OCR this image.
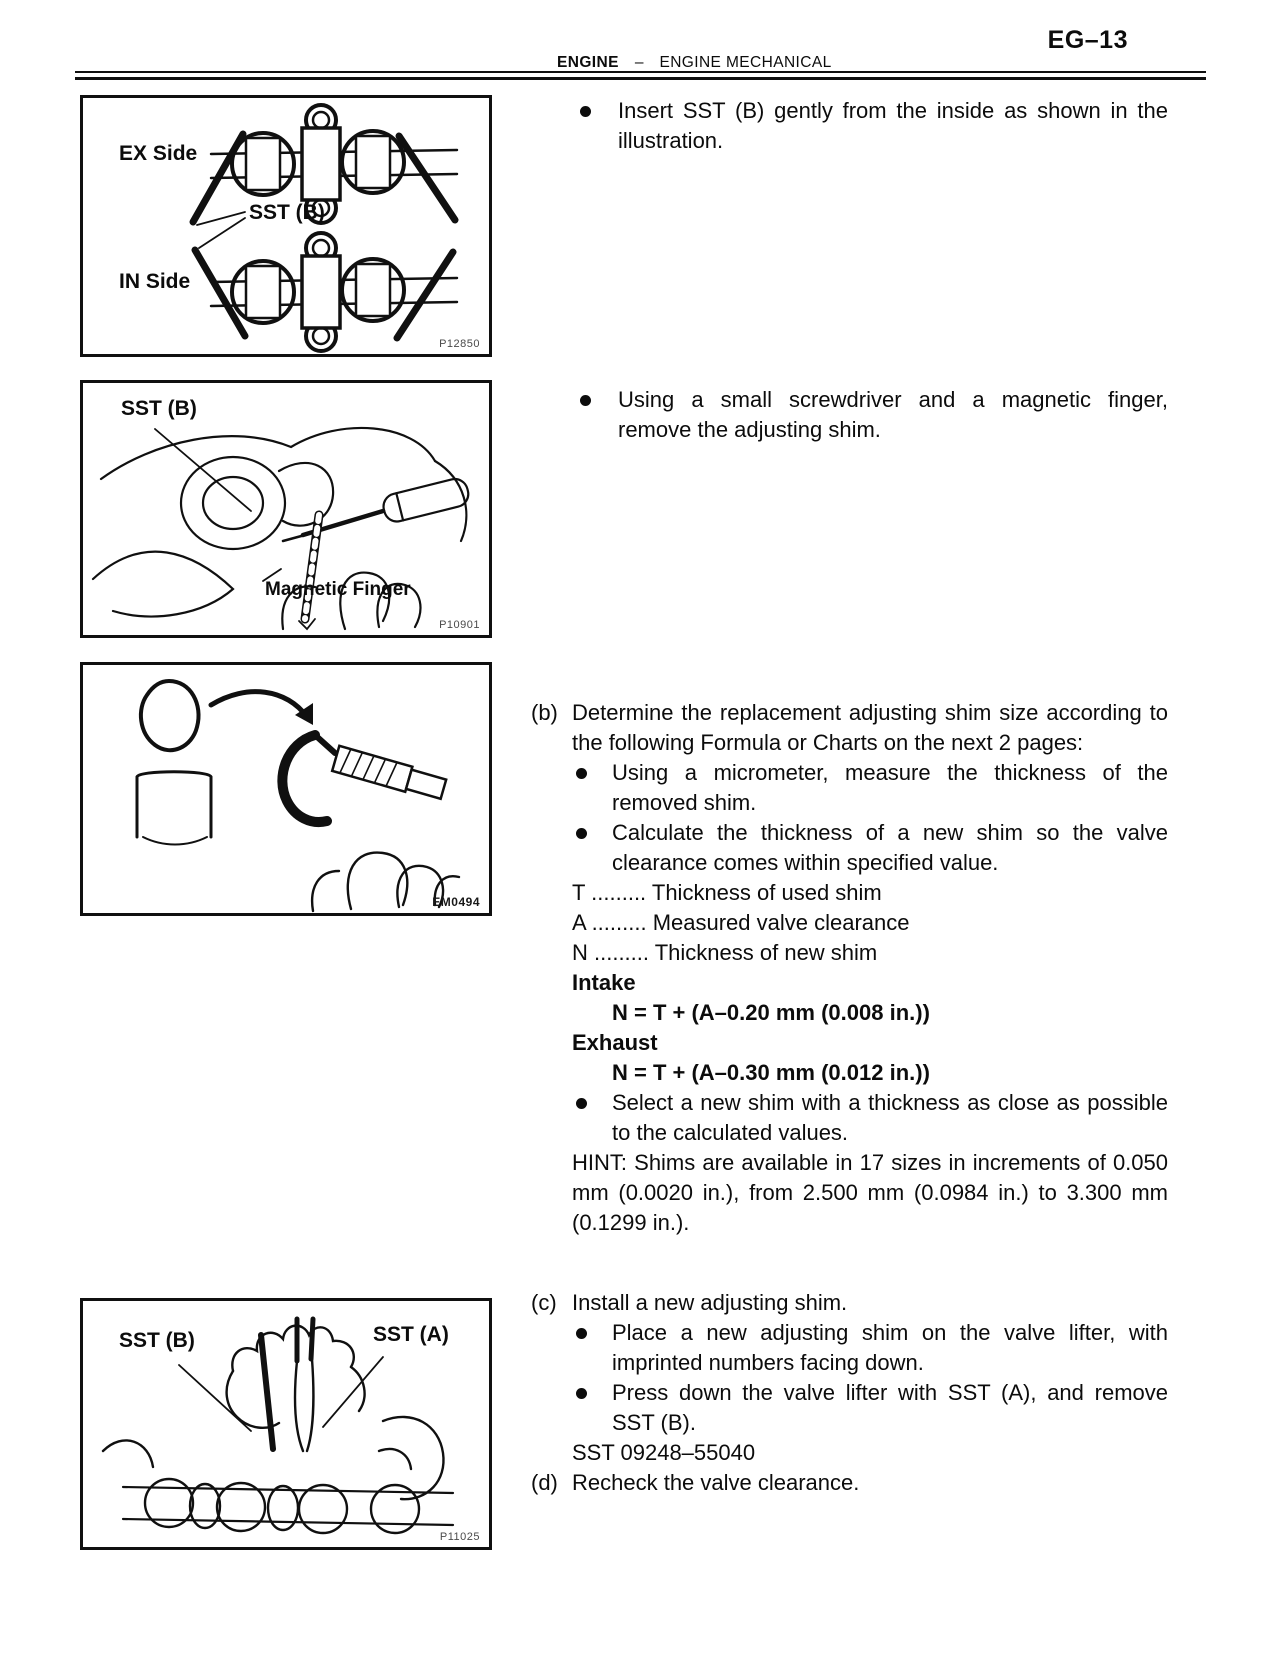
EG–13
ENGINE – ENGINE MECHANICAL
EX Side
SST (B)
IN Side
P12850
SST (B)
Magnetic Finger
P10901
EM0494
SST (B)	SST (A)
P11025

Insert SST (B) gently from the inside as shown in the illustration.

Using a small screwdriver and a magnetic finger, remove the adjusting shim.

(b) Determine the replacement adjusting shim size according to the following Formula or Charts on the next 2 pages:

Using a micrometer, measure the thickness of the removed shim.

Calculate the thickness of a new shim so the valve clearance comes within specified value.

T ......... Thickness of used shim

A ......... Measured valve clearance

N ......... Thickness of new shim

Intake

N = T + (A–0.20 mm (0.008 in.))

Exhaust

N = T + (A–0.30 mm (0.012 in.))

Select a new shim with a thickness as close as possible to the calculated values.

HINT: Shims are available in 17 sizes in increments of 0.050 mm (0.0020 in.), from 2.500 mm (0.0984 in.) to 3.300 mm (0.1299 in.).

(c) Install a new adjusting shim.

Place a new adjusting shim on the valve lifter, with imprinted numbers facing down.

Press down the valve lifter with SST (A), and remove SST (B).

SST 09248–55040

(d) Recheck the valve clearance.
